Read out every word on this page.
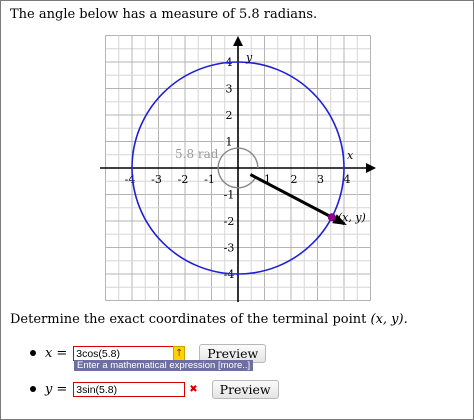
The angle below has a measure of 5.8 radians.
-4 -3 -2 -1	1 2 3 4
4
3
2
1
-1
-2
-3
-4
(x, y)
5.8 rad	x
y
Determine the exact coordinates of the terminal point (x, y).
x = 3cos(5.8)	↑	Preview
Enter a mathematical expression [more..]
y = 3sin(5.8)	✖	Preview
